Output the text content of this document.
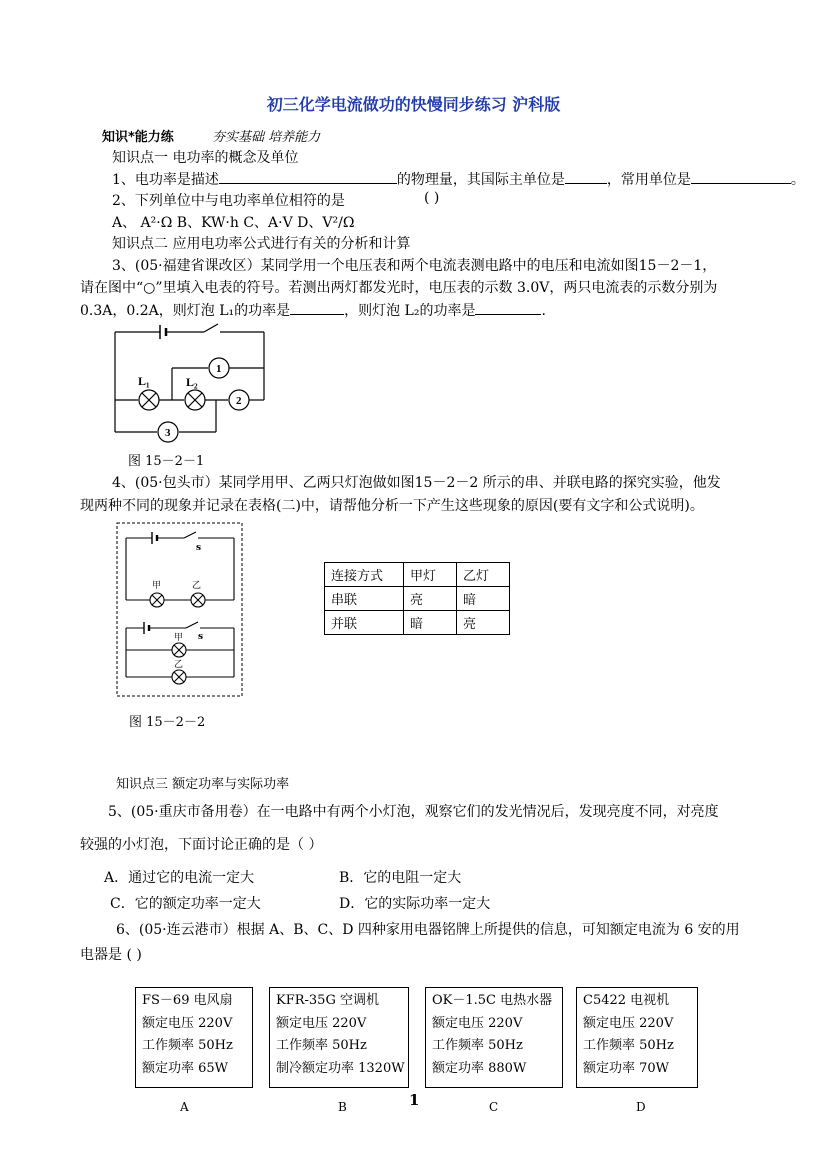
初三化学电流做功的快慢同步练习 沪科版
知识*能力练	夯实基础 培养能力
知识点一 电功率的概念及单位
1、电功率是描述	的物理量，其国际主单位是	，常用单位是	。
2、下列单位中与电功率单位相符的是	( )
A、 A²·Ω B、KW·h C、A·V D、V²/Ω
知识点二 应用电功率公式进行有关的分析和计算
3、(05·福建省课改区）某同学用一个电压表和两个电流表测电路中的电压和电流如图15－2－1，
请在图中“○”里填入电表的符号。若测出两灯都发光时，电压表的示数 3.0V，两只电流表的示数分别为
0.3A，0.2A，则灯泡 L₁的功率是	，则灯泡 L₂的功率是	.
L₁	L₂
1
2
3
图 15－2－1
4、(05·包头市）某同学用甲、乙两只灯泡做如图15－2－2 所示的串、并联电路的探究实验，他发
现两种不同的现象并记录在表格(二)中，请帮他分析一下产生这些现象的原因(要有文字和公式说明)。
s
甲	乙
s
甲
乙
图 15－2－2
连接方式	甲灯	乙灯
串联	亮	暗
并联	暗	亮
知识点三 额定功率与实际功率
5、(05·重庆市备用卷）在一电路中有两个小灯泡，观察它们的发光情况后，发现亮度不同，对亮度
较强的小灯泡，下面讨论正确的是（ ）
A．通过它的电流一定大	B．它的电阻一定大
C．它的额定功率一定大	D．它的实际功率一定大
6、(05·连云港市）根据 A、B、C、D 四种家用电器铭牌上所提供的信息，可知额定电流为 6 安的用
电器是 ( )
FS－69 电风扇
额定电压 220V
工作频率 50Hz
额定功率 65W
KFR-35G 空调机
额定电压 220V
工作频率 50Hz
制冷额定功率 1320W
OK－1.5C 电热水器
额定电压 220V
工作频率 50Hz
额定功率 880W
C5422 电视机
额定电压 220V
工作频率 50Hz
额定功率 70W
A	B	C	D
1
